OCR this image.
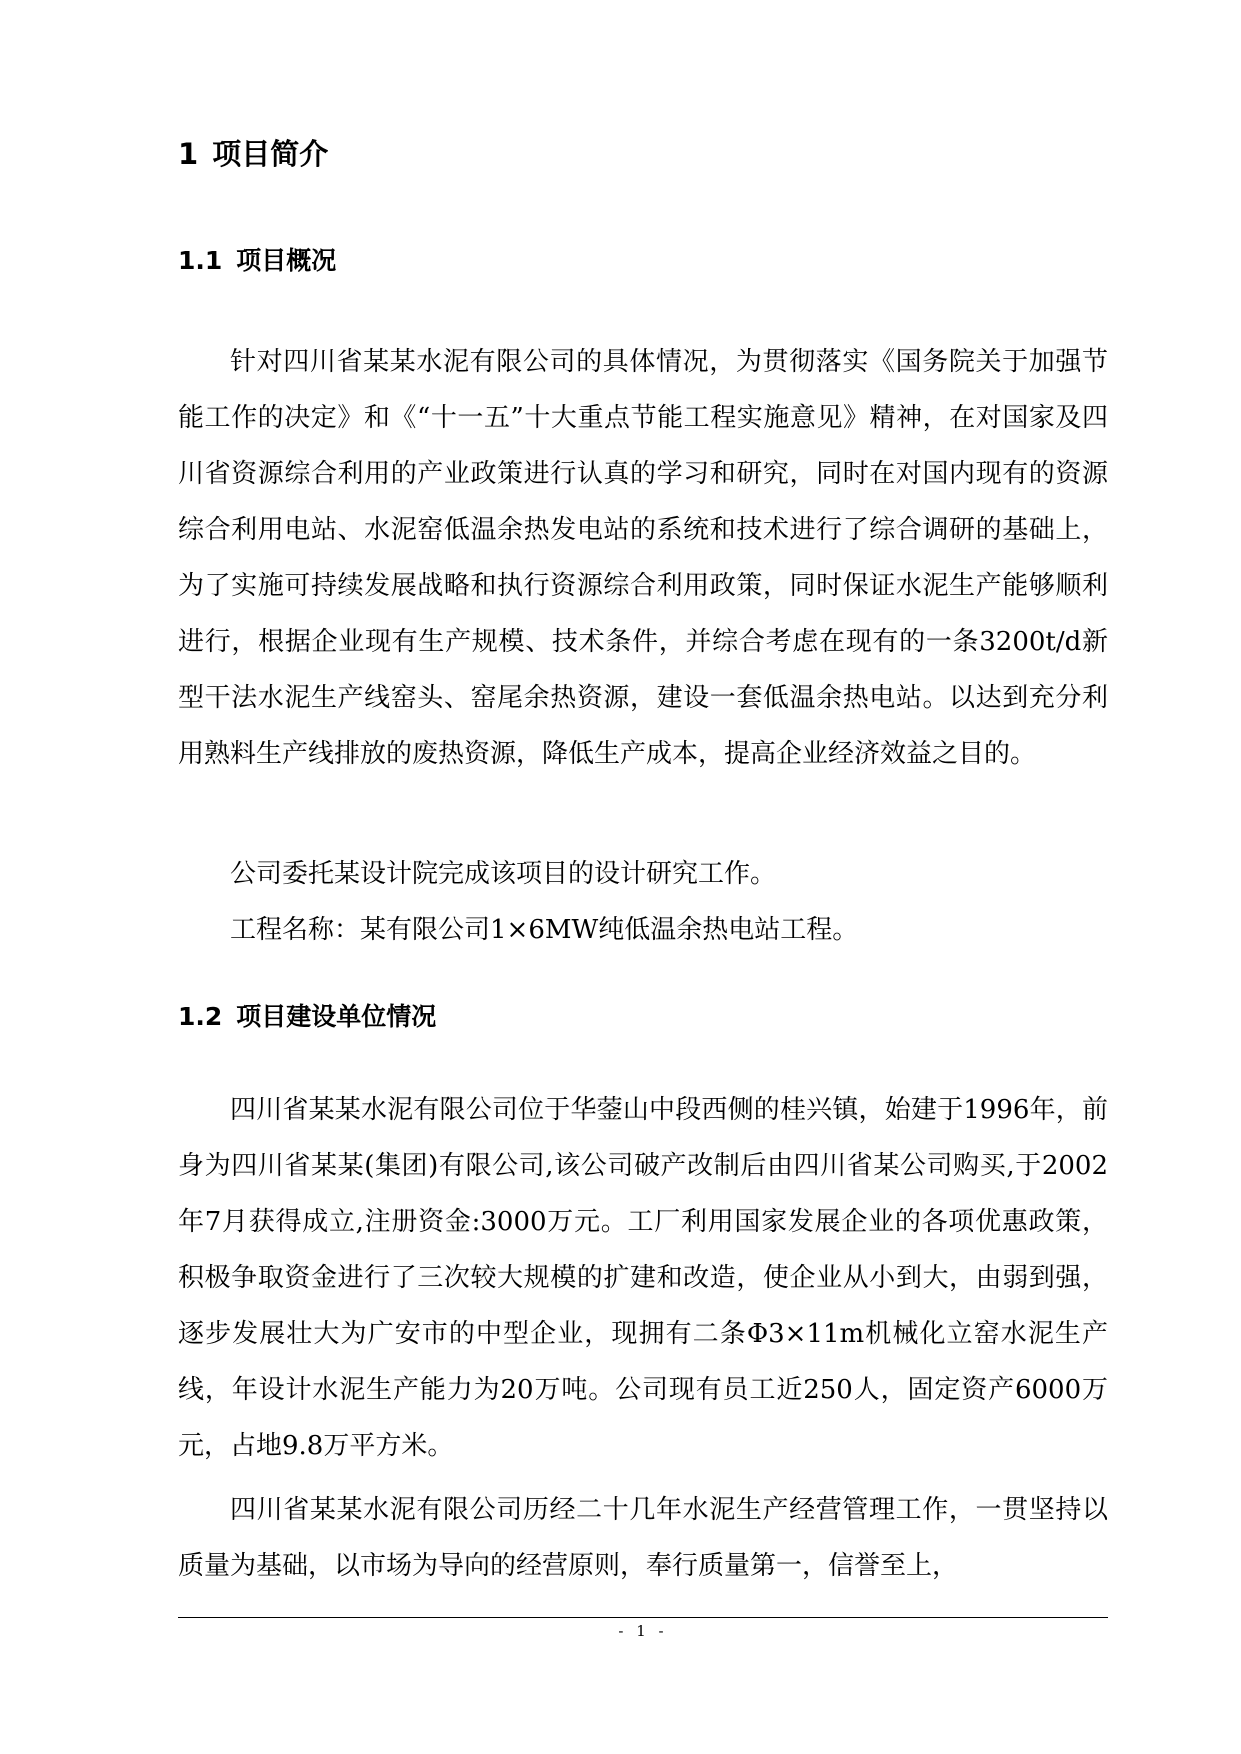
1 项目简介
1.1 项目概况

针对四川省某某水泥有限公司的具体情况，为贯彻落实《国务院关于加强节能工作的决定》和《“十一五”十大重点节能工程实施意见》精神，在对国家及四川省资源综合利用的产业政策进行认真的学习和研究，同时在对国内现有的资源综合利用电站、水泥窑低温余热发电站的系统和技术进行了综合调研的基础上，为了实施可持续发展战略和执行资源综合利用政策，同时保证水泥生产能够顺利进行，根据企业现有生产规模、技术条件，并综合考虑在现有的一条3200t/d新型干法水泥生产线窑头、窑尾余热资源，建设一套低温余热电站。以达到充分利用熟料生产线排放的废热资源，降低生产成本，提高企业经济效益之目的。

公司委托某设计院完成该项目的设计研究工作。

工程名称：某有限公司1×6MW纯低温余热电站工程。

1.2 项目建设单位情况

四川省某某水泥有限公司位于华蓥山中段西侧的桂兴镇，始建于1996年，前身为四川省某某(集团)有限公司,该公司破产改制后由四川省某公司购买,于2002年7月获得成立,注册资金:3000万元。工厂利用国家发展企业的各项优惠政策，积极争取资金进行了三次较大规模的扩建和改造，使企业从小到大，由弱到强，逐步发展壮大为广安市的中型企业，现拥有二条Φ3×11m机械化立窑水泥生产线，年设计水泥生产能力为20万吨。公司现有员工近250人，固定资产6000万元，占地9.8万平方米。

四川省某某水泥有限公司历经二十几年水泥生产经营管理工作，一贯坚持以质量为基础，以市场为导向的经营原则，奉行质量第一，信誉至上，

- 1 -
